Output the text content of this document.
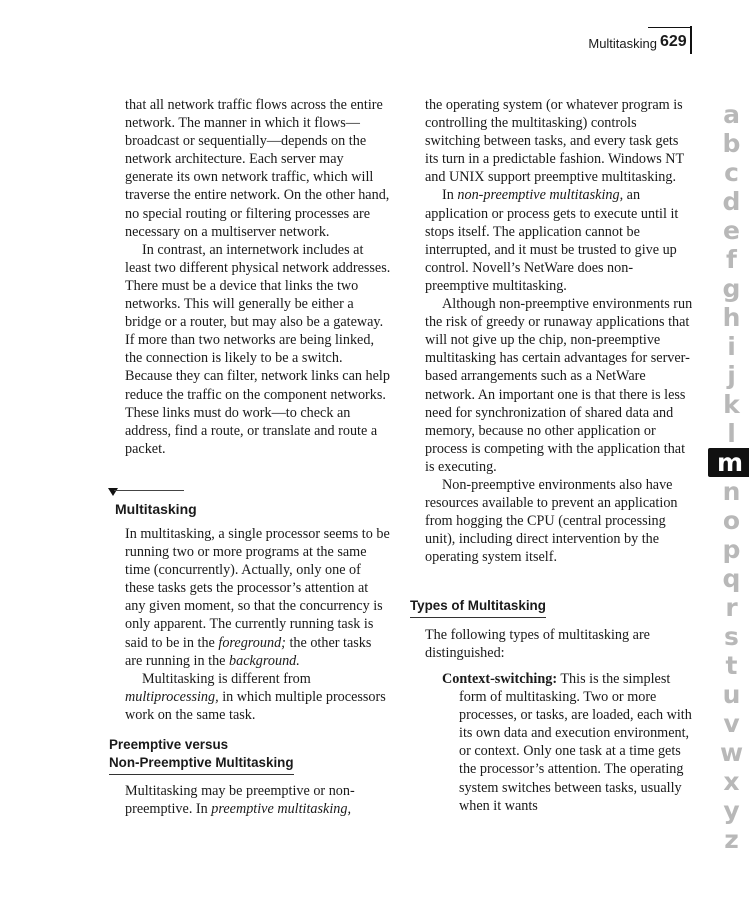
Multitasking 629

that all network traffic flows across the entire network. The manner in which it flows—broadcast or sequentially—depends on the network architecture. Each server may generate its own network traffic, which will traverse the entire network. On the other hand, no special routing or filtering processes are necessary on a multiserver network.

In contrast, an internetwork includes at least two different physical network addresses. There must be a device that links the two networks. This will generally be either a bridge or a router, but may also be a gateway. If more than two networks are being linked, the connection is likely to be a switch. Because they can filter, network links can help reduce the traffic on the component networks. These links must do work—to check an address, find a route, or translate and route a packet.

Multitasking

In multitasking, a single processor seems to be running two or more programs at the same time (concurrently). Actually, only one of these tasks gets the processor’s attention at any given moment, so that the concurrency is only apparent. The currently running task is said to be in the foreground; the other tasks are running in the background.

Multitasking is different from multiprocessing, in which multiple processors work on the same task.

Preemptive versus
Non-Preemptive Multitasking

Multitasking may be preemptive or non-preemptive. In preemptive multitasking,

the operating system (or whatever program is controlling the multitasking) controls switching between tasks, and every task gets its turn in a predictable fashion. Windows NT and UNIX support preemptive multitasking.

In non-preemptive multitasking, an application or process gets to execute until it stops itself. The application cannot be interrupted, and it must be trusted to give up control. Novell’s NetWare does non-preemptive multitasking.

Although non-preemptive environments run the risk of greedy or runaway applications that will not give up the chip, non-preemptive multitasking has certain advantages for server-based arrangements such as a NetWare network. An important one is that there is less need for synchronization of shared data and memory, because no other application or process is competing with the application that is executing.

Non-preemptive environments also have resources available to prevent an application from hogging the CPU (central processing unit), including direct intervention by the operating system itself.

Types of Multitasking

The following types of multitasking are distinguished:

Context-switching: This is the simplest form of multitasking. Two or more processes, or tasks, are loaded, each with its own data and execution environment, or context. Only one task at a time gets the processor’s attention. The operating system switches between tasks, usually when it wants

a
b
c
d
e
f
g
h
i
j
k
l
m
n
o
p
q
r
s
t
u
v
w
x
y
z
